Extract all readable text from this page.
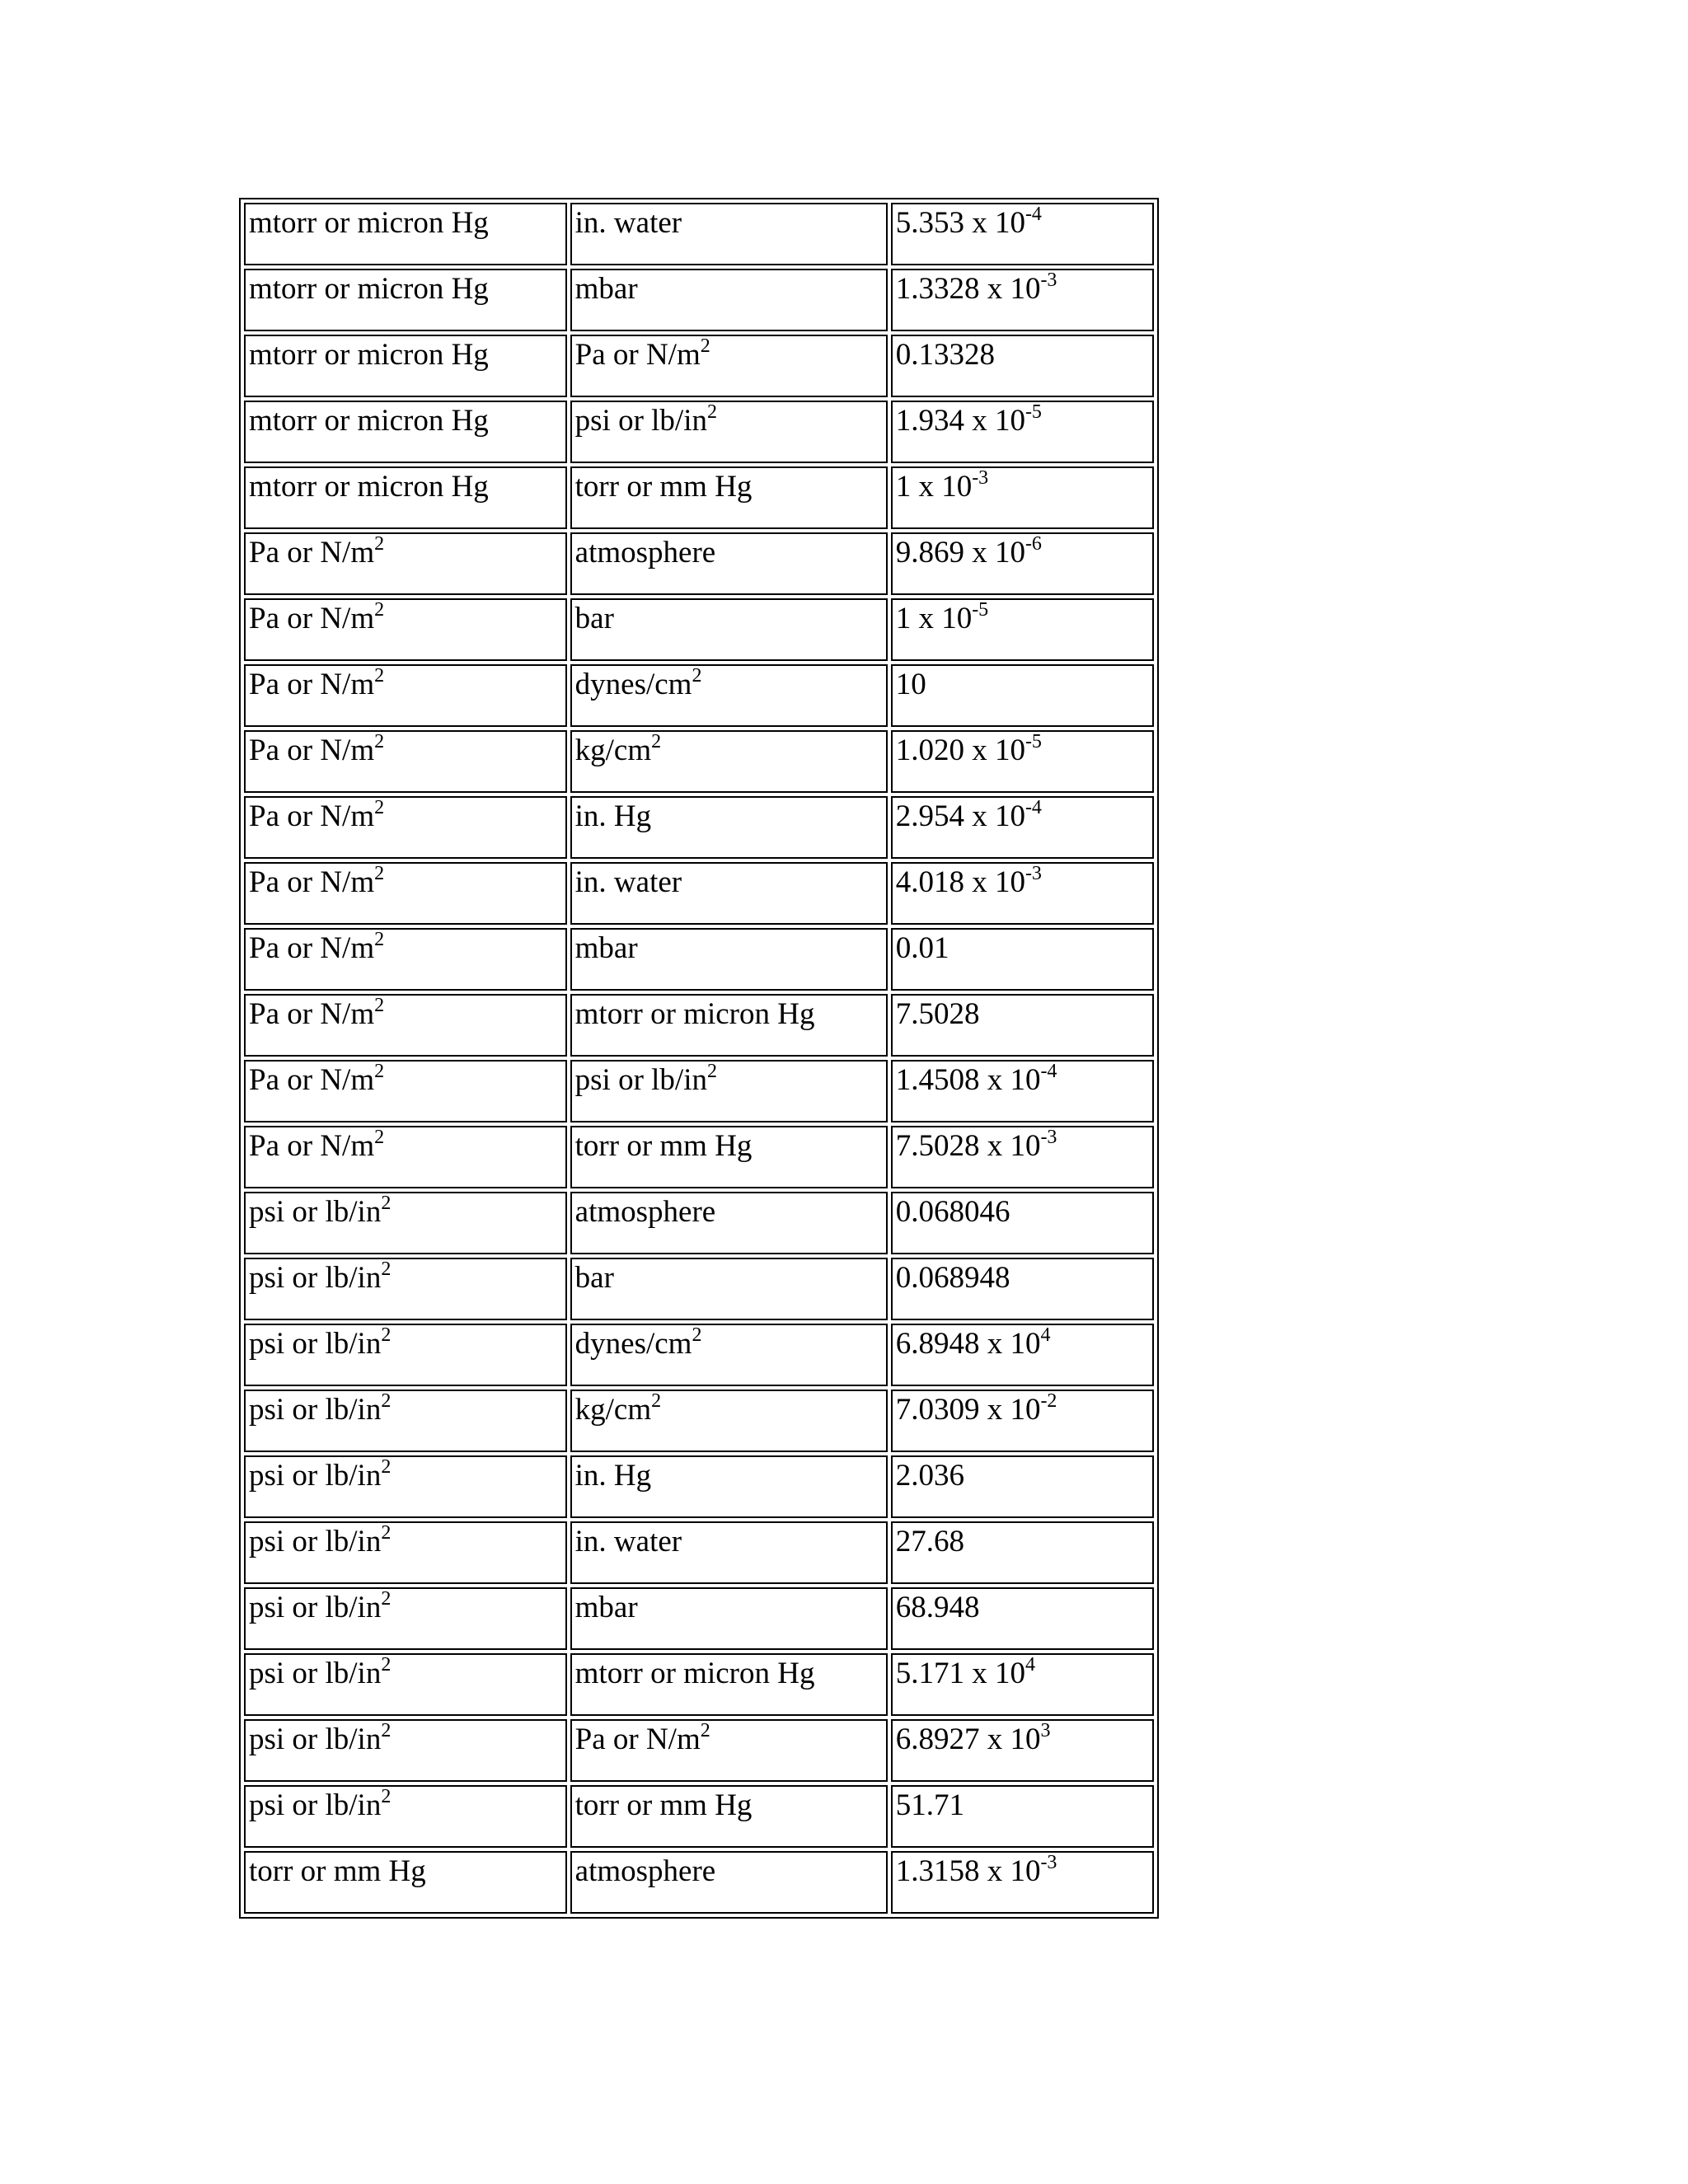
mtorr or micron Hg	in. water	5.353 x $10^{-4}$
mtorr or micron Hg	mbar	1.3328 x $10^{-3}$
mtorr or micron Hg	Pa or $N/m^2$	0.13328
mtorr or micron Hg	psi or $lb/in^2$	1.934 x $10^{-5}$
mtorr or micron Hg	torr or mm Hg	1 x $10^{-3}$
Pa or $N/m^2$	atmosphere	9.869 x $10^{-6}$
Pa or $N/m^2$	bar	1 x $10^{-5}$
Pa or $N/m^2$	dynes/$cm^2$	10
Pa or $N/m^2$	$kg/cm^2$	1.020 x $10^{-5}$
Pa or $N/m^2$	in. Hg	2.954 x $10^{-4}$
Pa or $N/m^2$	in. water	4.018 x $10^{-3}$
Pa or $N/m^2$	mbar	0.01
Pa or $N/m^2$	mtorr or micron Hg	7.5028
Pa or $N/m^2$	psi or $lb/in^2$	1.4508 x $10^{-4}$
Pa or $N/m^2$	torr or mm Hg	7.5028 x $10^{-3}$
psi or $lb/in^2$	atmosphere	0.068046
psi or $lb/in^2$	bar	0.068948
psi or $lb/in^2$	dynes/$cm^2$	6.8948 x $10^4$
psi or $lb/in^2$	$kg/cm^2$	7.0309 x $10^{-2}$
psi or $lb/in^2$	in. Hg	2.036
psi or $lb/in^2$	in. water	27.68
psi or $lb/in^2$	mbar	68.948
psi or $lb/in^2$	mtorr or micron Hg	5.171 x $10^4$
psi or $lb/in^2$	Pa or $N/m^2$	6.8927 x $10^3$
psi or $lb/in^2$	torr or mm Hg	51.71
torr or mm Hg	atmosphere	1.3158 x $10^{-3}$
